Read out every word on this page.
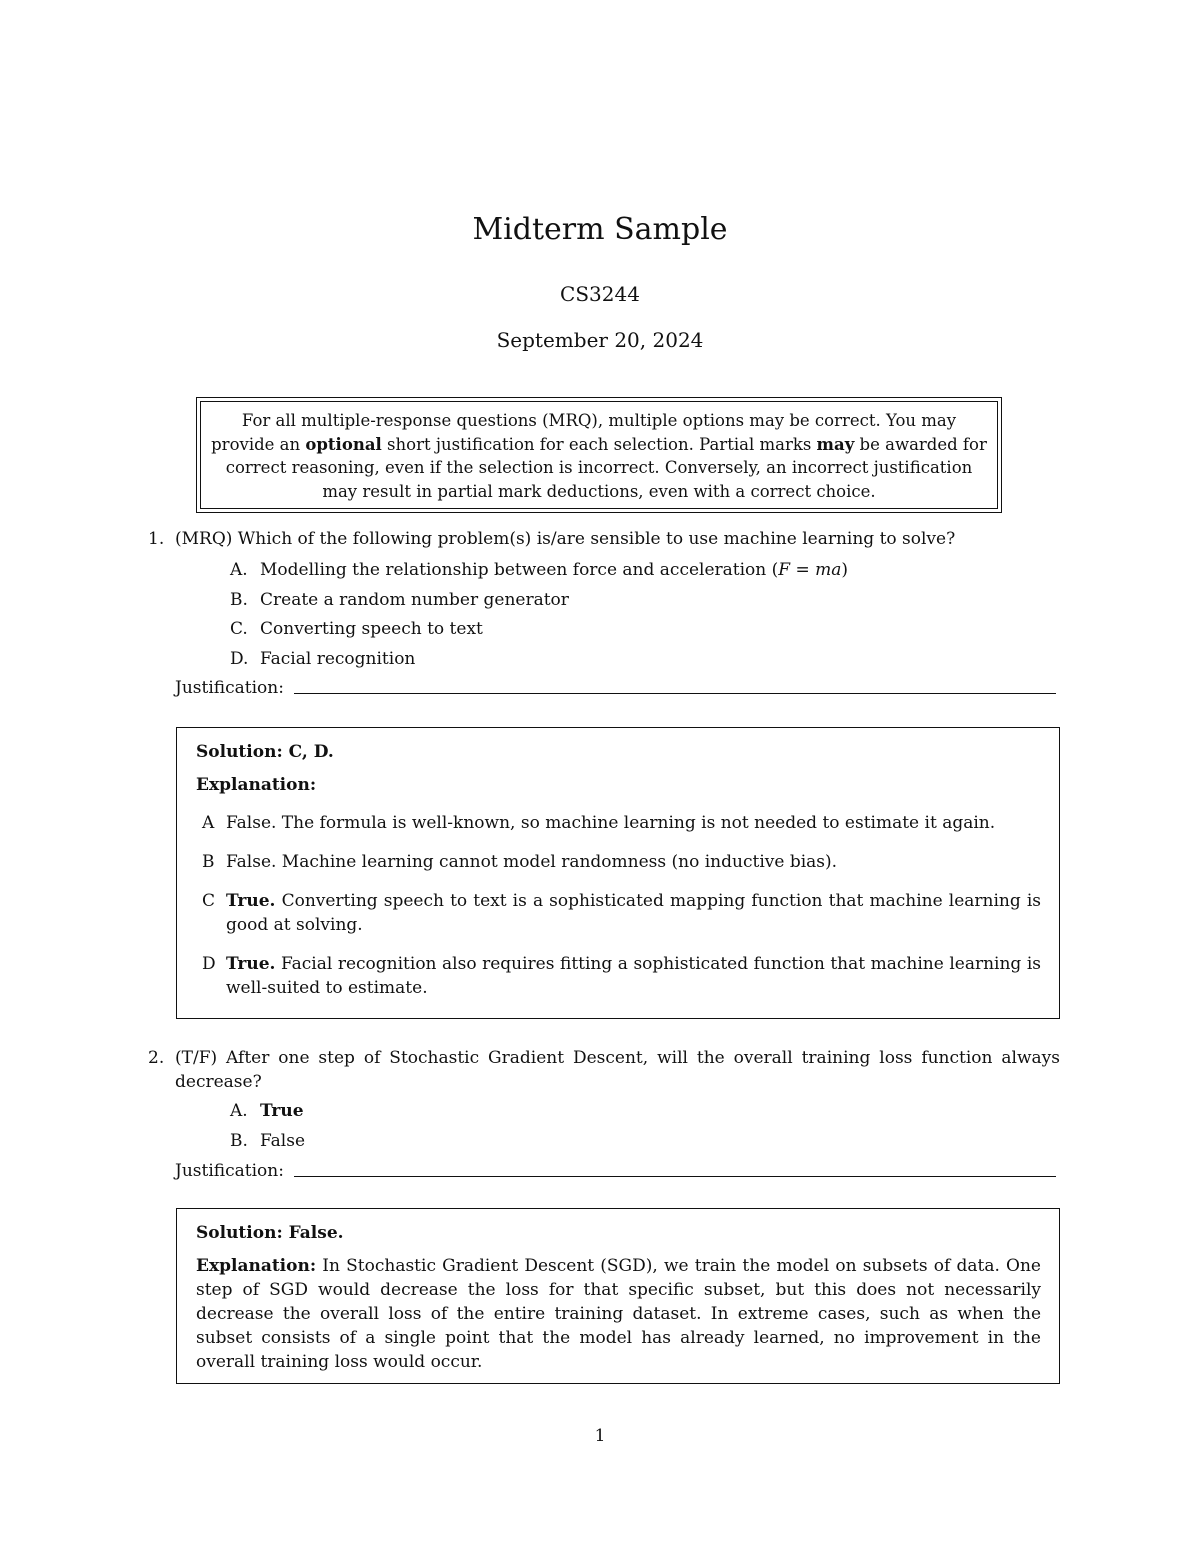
Midterm Sample
CS3244
September 20, 2024
For all multiple-response questions (MRQ), multiple options may be correct. You may provide an optional short justification for each selection. Partial marks may be awarded for correct reasoning, even if the selection is incorrect. Conversely, an incorrect justification may result in partial mark deductions, even with a correct choice.
1. (MRQ) Which of the following problem(s) is/are sensible to use machine learning to solve?
A. Modelling the relationship between force and acceleration (F = ma)
B. Create a random number generator
C. Converting speech to text
D. Facial recognition
Justification:
Solution: C, D.
Explanation:
A False. The formula is well-known, so machine learning is not needed to estimate it again.
B False. Machine learning cannot model randomness (no inductive bias).
C True. Converting speech to text is a sophisticated mapping function that machine learning is good at solving.
D True. Facial recognition also requires fitting a sophisticated function that machine learning is well-suited to estimate.
2. (T/F) After one step of Stochastic Gradient Descent, will the overall training loss function always decrease?
A. True
B. False
Justification:
Solution: False.
Explanation: In Stochastic Gradient Descent (SGD), we train the model on subsets of data. One step of SGD would decrease the loss for that specific subset, but this does not necessarily decrease the overall loss of the entire training dataset. In extreme cases, such as when the subset consists of a single point that the model has already learned, no improvement in the overall training loss would occur.
1
